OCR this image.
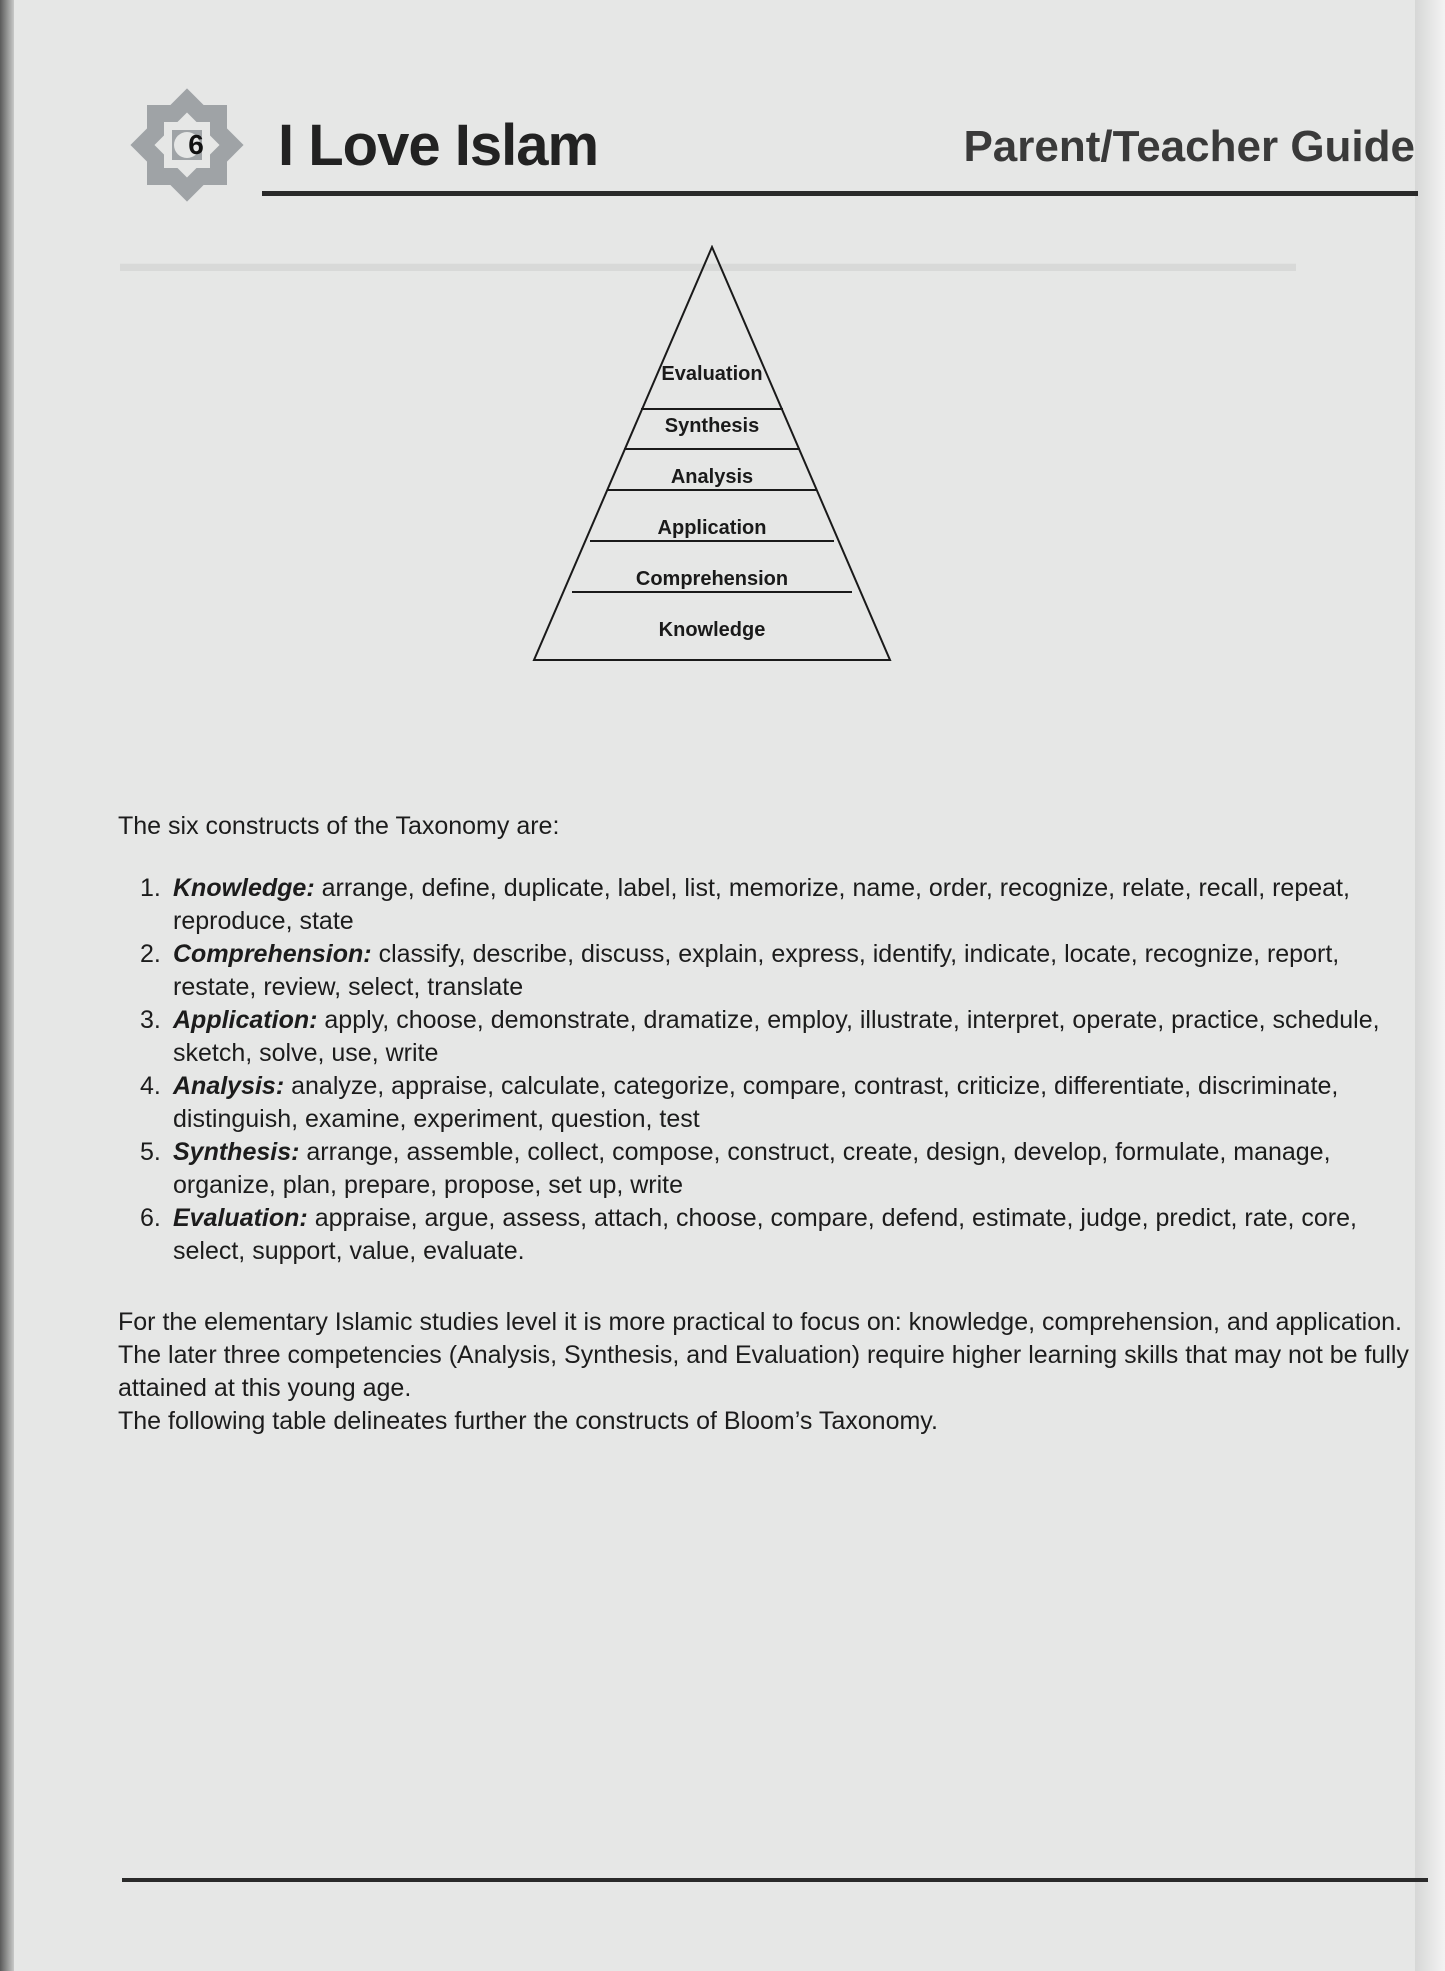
6 I Love Islam	Parent/Teacher Guide
▬▬▬▬▬▬▬▬▬▬▬▬▬▬▬▬▬▬▬▬▬▬▬▬▬▬▬▬▬▬▬▬▬▬▬▬▬▬▬▬▬▬▬▬▬▬▬▬▬
Evaluation
Synthesis
Analysis
Application
Comprehension
Knowledge

The six constructs of the Taxonomy are:

1. Knowledge: arrange, define, duplicate, label, list, memorize, name, order, recognize, relate, recall, repeat, reproduce, state
2. Comprehension: classify, describe, discuss, explain, express, identify, indicate, locate, recognize, report, restate, review, select, translate
3. Application: apply, choose, demonstrate, dramatize, employ, illustrate, interpret, operate, practice, schedule, sketch, solve, use, write
4. Analysis: analyze, appraise, calculate, categorize, compare, contrast, criticize, differentiate, discriminate, distinguish, examine, experiment, question, test
5. Synthesis: arrange, assemble, collect, compose, construct, create, design, develop, formulate, manage, organize, plan, prepare, propose, set up, write
6. Evaluation: appraise, argue, assess, attach, choose, compare, defend, estimate, judge, predict, rate, core, select, support, value, evaluate.
For the elementary Islamic studies level it is more practical to focus on: knowledge, comprehension, and application. The later three competencies (Analysis, Synthesis, and Evaluation) require higher learning skills that may not be fully attained at this young age.
The following table delineates further the constructs of Bloom’s Taxonomy.
